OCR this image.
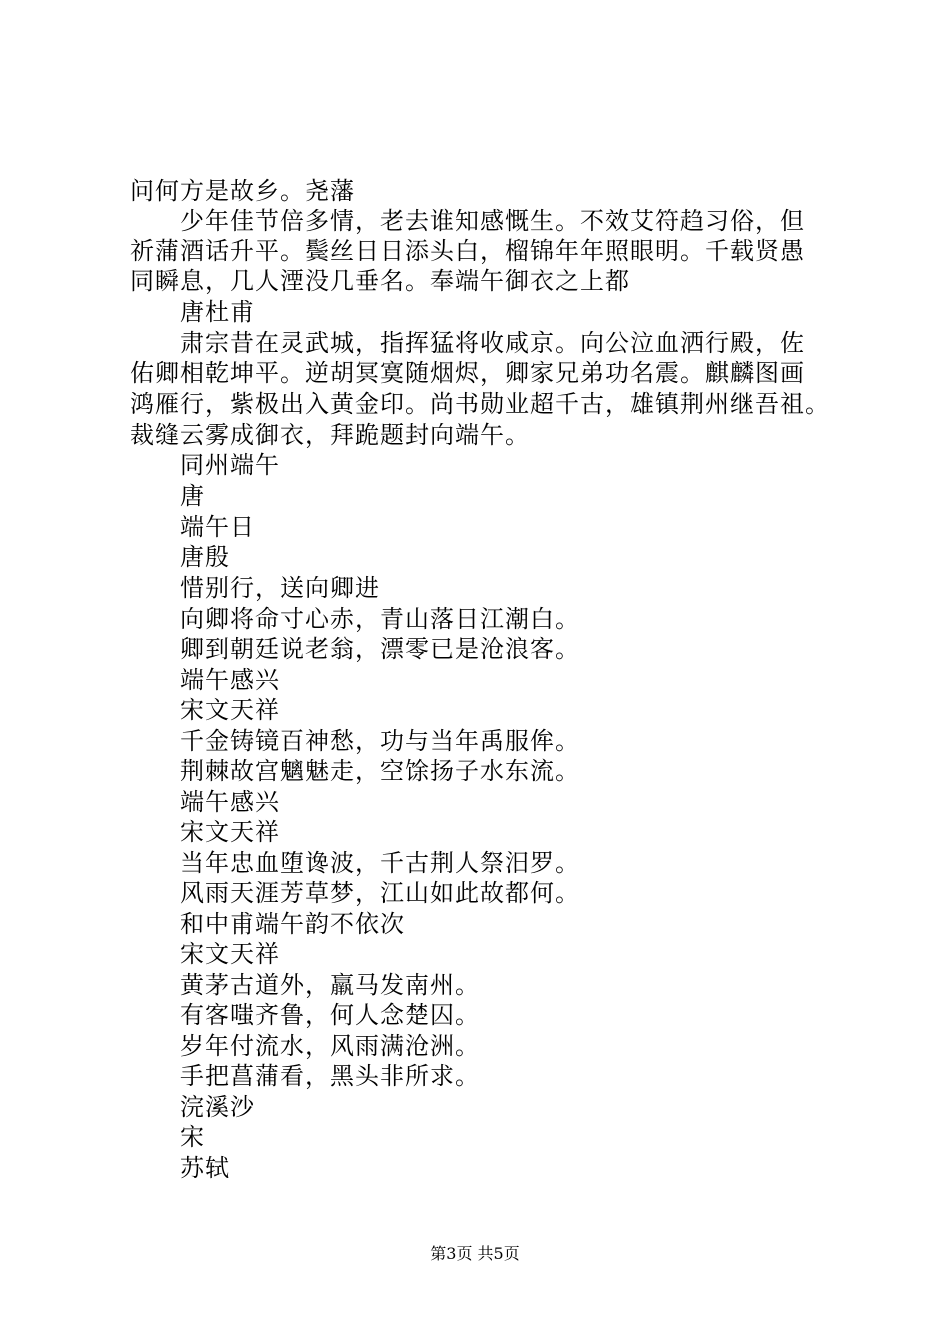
问何方是故乡。尧藩
少年佳节倍多情，老去谁知感慨生。不效艾符趋习俗，但
祈蒲酒话升平。鬓丝日日添头白，榴锦年年照眼明。千载贤愚
同瞬息，几人湮没几垂名。奉端午御衣之上都
唐杜甫
肃宗昔在灵武城，指挥猛将收咸京。向公泣血洒行殿，佐
佑卿相乾坤平。逆胡冥寞随烟烬，卿家兄弟功名震。麒麟图画
鸿雁行，紫极出入黄金印。尚书勋业超千古，雄镇荆州继吾祖。
裁缝云雾成御衣，拜跪题封向端午。
同州端午
唐
端午日
唐殷
惜别行，送向卿进
向卿将命寸心赤，青山落日江潮白。
卿到朝廷说老翁，漂零已是沧浪客。
端午感兴
宋文天祥
千金铸镜百神愁，功与当年禹服侔。
荆棘故宫魑魅走，空馀扬子水东流。
端午感兴
宋文天祥
当年忠血堕谗波，千古荆人祭汨罗。
风雨天涯芳草梦，江山如此故都何。
和中甫端午韵不依次
宋文天祥
黄茅古道外，羸马发南州。
有客嗤齐鲁，何人念楚囚。
岁年付流水，风雨满沧洲。
手把菖蒲看，黑头非所求。
浣溪沙
宋
苏轼
第3页 共5页
